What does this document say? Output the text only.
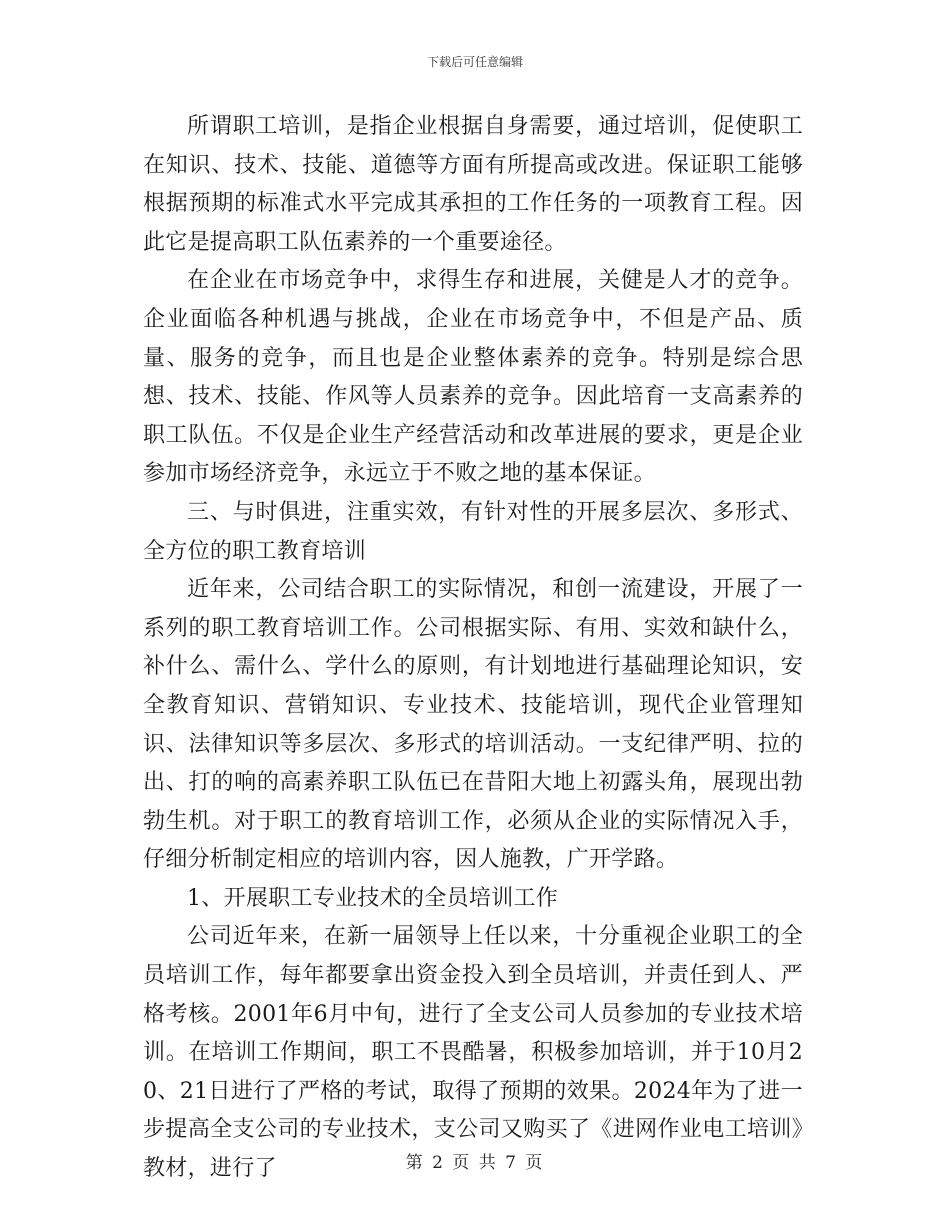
下载后可任意编辑

所谓职工培训，是指企业根据自身需要，通过培训，促使职工在知识、技术、技能、道德等方面有所提高或改进。保证职工能够根据预期的标准式水平完成其承担的工作任务的一项教育工程。因此它是提高职工队伍素养的一个重要途径。

在企业在市场竞争中，求得生存和进展，关健是人才的竞争。企业面临各种机遇与挑战，企业在市场竞争中，不但是产品、质量、服务的竞争，而且也是企业整体素养的竞争。特别是综合思想、技术、技能、作风等人员素养的竞争。因此培育一支高素养的职工队伍。不仅是企业生产经营活动和改革进展的要求，更是企业参加市场经济竞争，永远立于不败之地的基本保证。

三、与时俱进，注重实效，有针对性的开展多层次、多形式、全方位的职工教育培训

近年来，公司结合职工的实际情况，和创一流建设，开展了一系列的职工教育培训工作。公司根据实际、有用、实效和缺什么，补什么、需什么、学什么的原则，有计划地进行基础理论知识，安全教育知识、营销知识、专业技术、技能培训，现代企业管理知识、法律知识等多层次、多形式的培训活动。一支纪律严明、拉的出、打的响的高素养职工队伍已在昔阳大地上初露头角，展现出勃勃生机。对于职工的教育培训工作，必须从企业的实际情况入手，仔细分析制定相应的培训内容，因人施教，广开学路。

1、开展职工专业技术的全员培训工作

公司近年来，在新一届领导上任以来，十分重视企业职工的全员培训工作，每年都要拿出资金投入到全员培训，并责任到人、严格考核。2001年6月中旬，进行了全支公司人员参加的专业技术培训。在培训工作期间，职工不畏酷暑，积极参加培训，并于10月20、21日进行了严格的考试，取得了预期的效果。2024年为了进一步提高全支公司的专业技术，支公司又购买了《进网作业电工培训》教材，进行了	第 2 页 共 7 页
